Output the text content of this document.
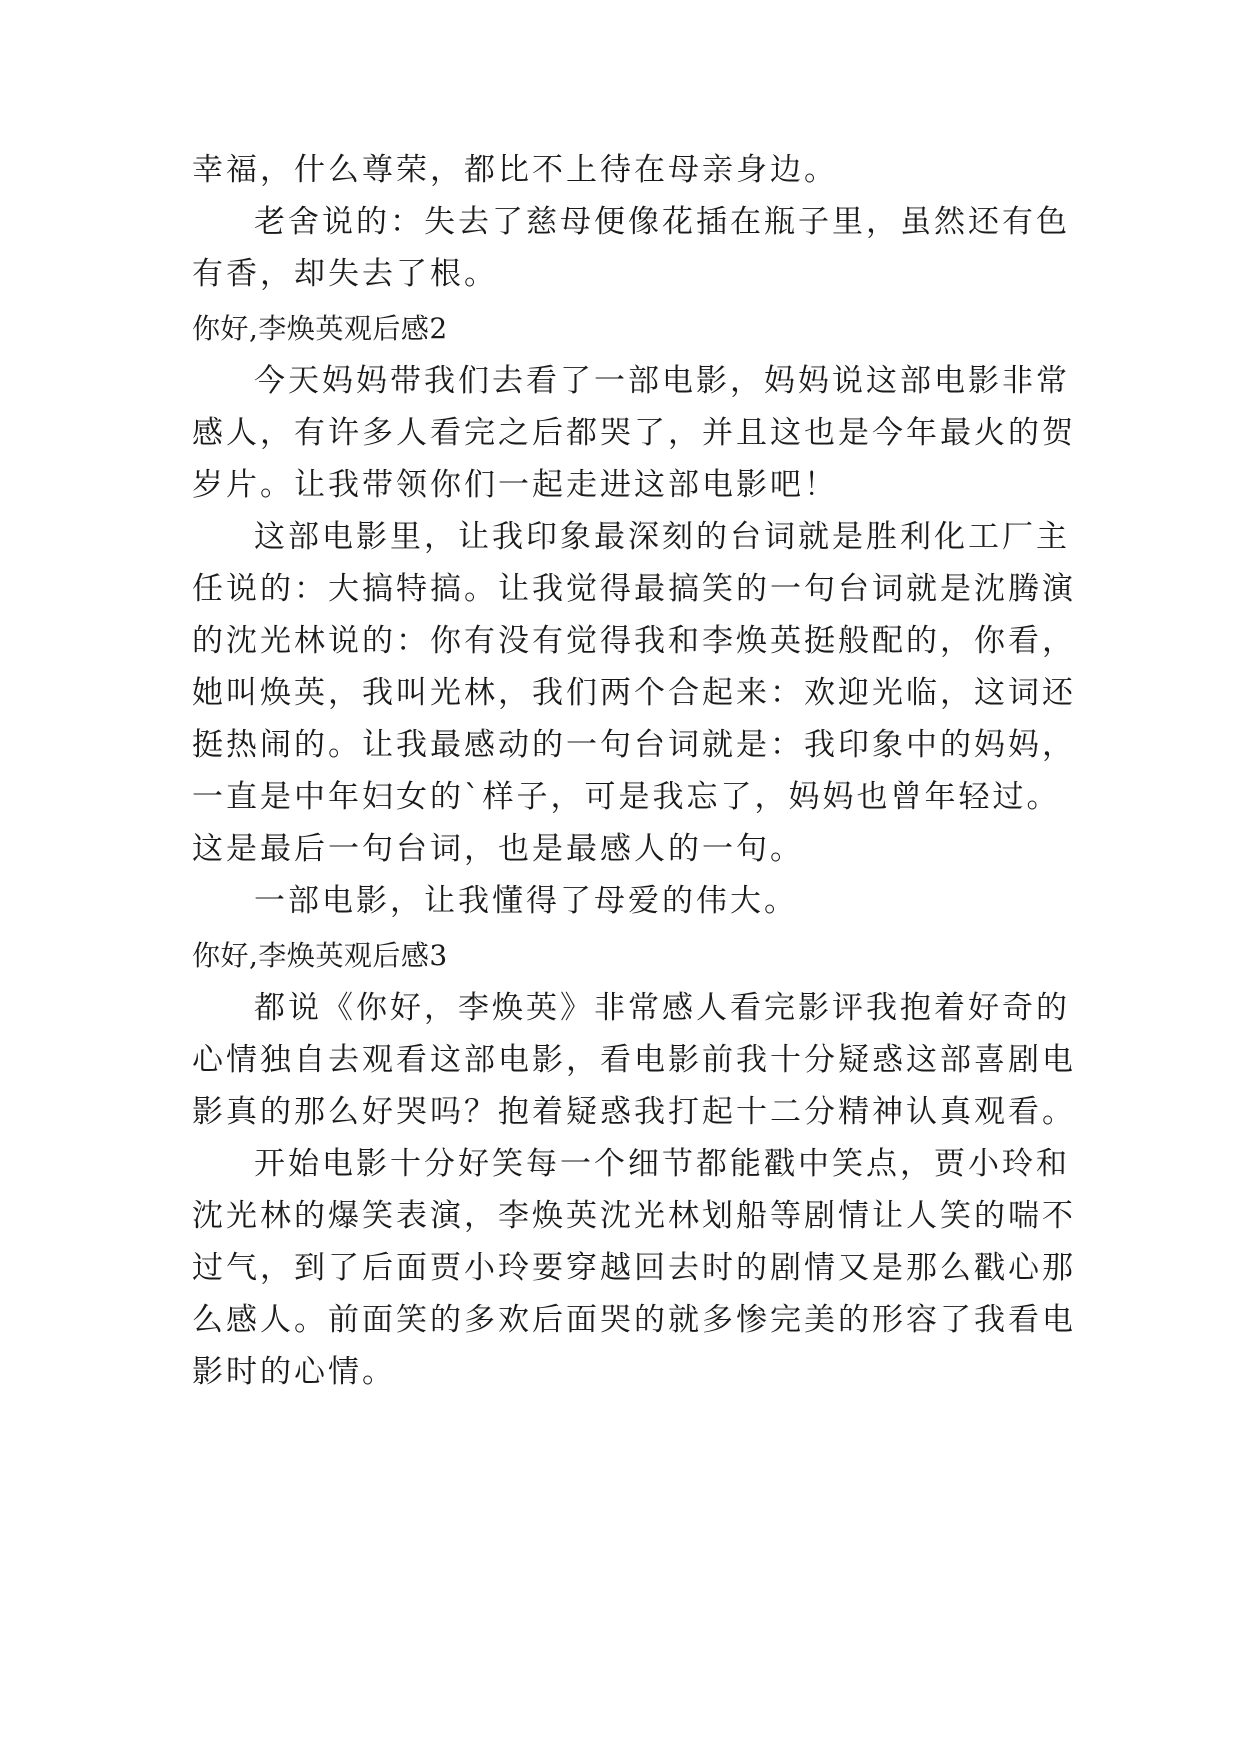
幸福，什么尊荣，都比不上待在母亲身边。
老舍说的：失去了慈母便像花插在瓶子里，虽然还有色
有香，却失去了根。
你好,李焕英观后感2
今天妈妈带我们去看了一部电影，妈妈说这部电影非常
感人，有许多人看完之后都哭了，并且这也是今年最火的贺
岁片。让我带领你们一起走进这部电影吧！
这部电影里，让我印象最深刻的台词就是胜利化工厂主
任说的：大搞特搞。让我觉得最搞笑的一句台词就是沈腾演
的沈光林说的：你有没有觉得我和李焕英挺般配的，你看，
她叫焕英，我叫光林，我们两个合起来：欢迎光临，这词还
挺热闹的。让我最感动的一句台词就是：我印象中的妈妈，
一直是中年妇女的`样子，可是我忘了，妈妈也曾年轻过。
这是最后一句台词，也是最感人的一句。
一部电影，让我懂得了母爱的伟大。
你好,李焕英观后感3
都说《你好，李焕英》非常感人看完影评我抱着好奇的
心情独自去观看这部电影，看电影前我十分疑惑这部喜剧电
影真的那么好哭吗？抱着疑惑我打起十二分精神认真观看。
开始电影十分好笑每一个细节都能戳中笑点，贾小玲和
沈光林的爆笑表演，李焕英沈光林划船等剧情让人笑的喘不
过气，到了后面贾小玲要穿越回去时的剧情又是那么戳心那
么感人。前面笑的多欢后面哭的就多惨完美的形容了我看电
影时的心情。
